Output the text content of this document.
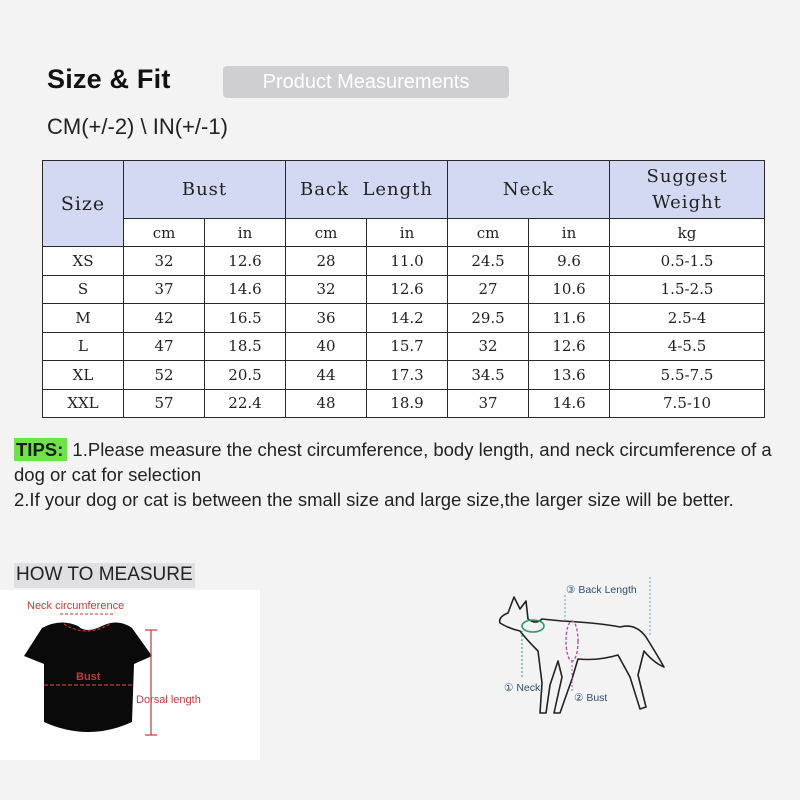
Size & Fit	Product Measurements
CM(+/-2) \ IN(+/-1)
Size	Bust		Back  Length		Neck		Suggest
Weight
	cm	in	cm	in	cm	in	kg
XS	32	12.6	28	11.0	24.5	9.6	0.5-1.5
S	37	14.6	32	12.6	27	10.6	1.5-2.5
M	42	16.5	36	14.2	29.5	11.6	2.5-4
L	47	18.5	40	15.7	32	12.6	4-5.5
XL	52	20.5	44	17.3	34.5	13.6	5.5-7.5
XXL	57	22.4	48	18.9	37	14.6	7.5-10
TIPS: 1.Please measure the chest circumference, body length, and neck circumference of a dog or cat for selection
2.If your dog or cat is between the small size and large size,the larger size will be better.
HOW TO MEASURE
Neck circumference
Bust
Dorsal length
③ Back Length
① Neck
② Bust
